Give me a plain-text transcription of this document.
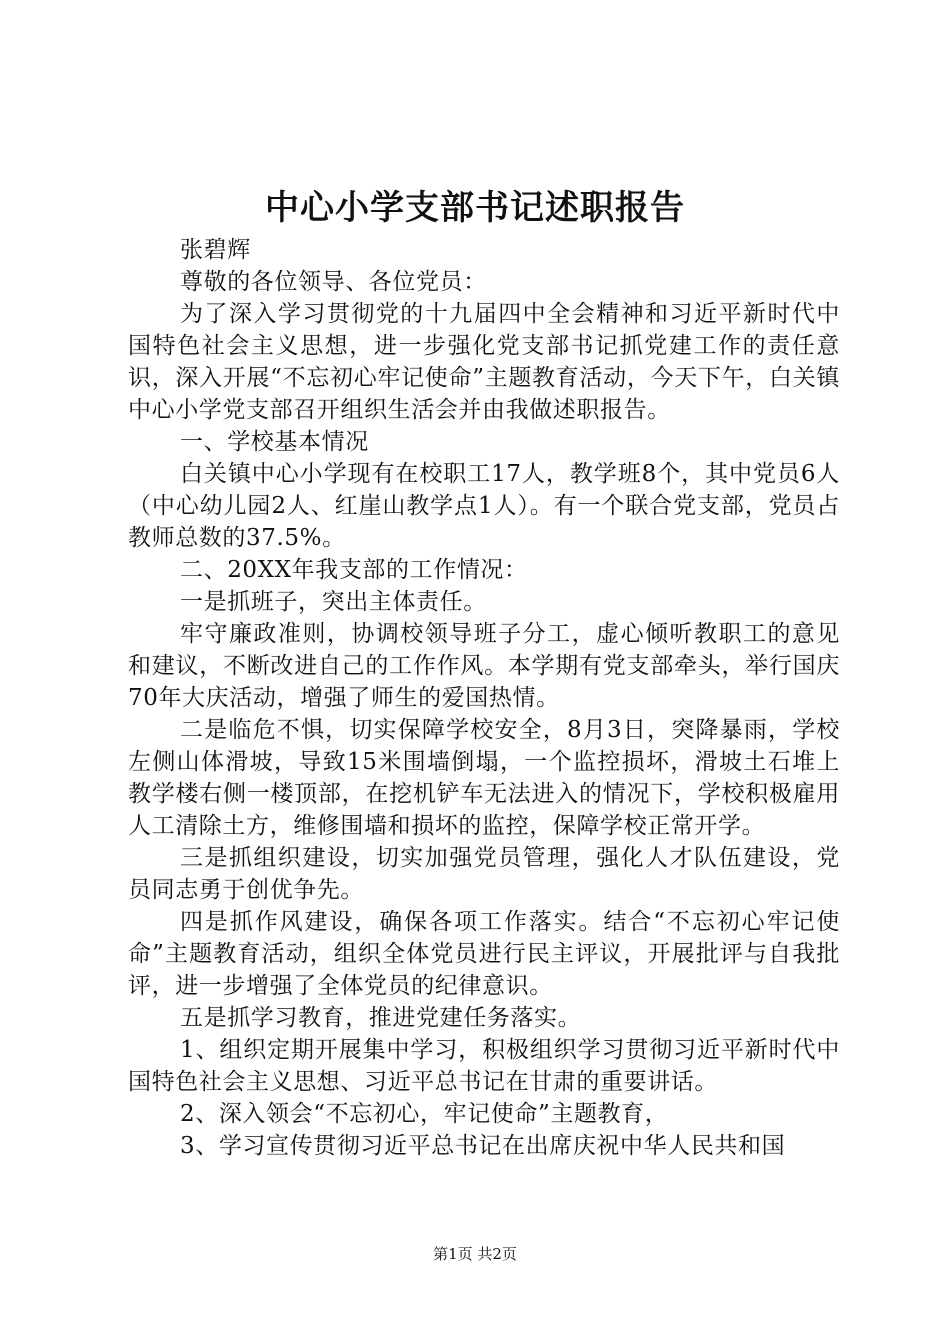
中心小学支部书记述职报告

张碧辉

尊敬的各位领导、各位党员：

为了深入学习贯彻党的十九届四中全会精神和习近平新时代中国特色社会主义思想，进一步强化党支部书记抓党建工作的责任意识，深入开展“不忘初心牢记使命”主题教育活动，今天下午，白关镇中心小学党支部召开组织生活会并由我做述职报告。

一、学校基本情况

白关镇中心小学现有在校职工17人，教学班8个，其中党员6人（中心幼儿园2人、红崖山教学点1人）。有一个联合党支部，党员占教师总数的37.5%。

二、20XX年我支部的工作情况：

一是抓班子，突出主体责任。

牢守廉政准则，协调校领导班子分工，虚心倾听教职工的意见和建议，不断改进自己的工作作风。本学期有党支部牵头，举行国庆70年大庆活动，增强了师生的爱国热情。

二是临危不惧，切实保障学校安全，8月3日，突降暴雨，学校左侧山体滑坡，导致15米围墙倒塌，一个监控损坏，滑坡土石堆上教学楼右侧一楼顶部，在挖机铲车无法进入的情况下，学校积极雇用人工清除土方，维修围墙和损坏的监控，保障学校正常开学。

三是抓组织建设，切实加强党员管理，强化人才队伍建设，党员同志勇于创优争先。

四是抓作风建设，确保各项工作落实。结合“不忘初心牢记使命”主题教育活动，组织全体党员进行民主评议，开展批评与自我批评，进一步增强了全体党员的纪律意识。

五是抓学习教育，推进党建任务落实。

1、组织定期开展集中学习，积极组织学习贯彻习近平新时代中国特色社会主义思想、习近平总书记在甘肃的重要讲话。

2、深入领会“不忘初心，牢记使命”主题教育，

3、学习宣传贯彻习近平总书记在出席庆祝中华人民共和国

第1页 共2页
